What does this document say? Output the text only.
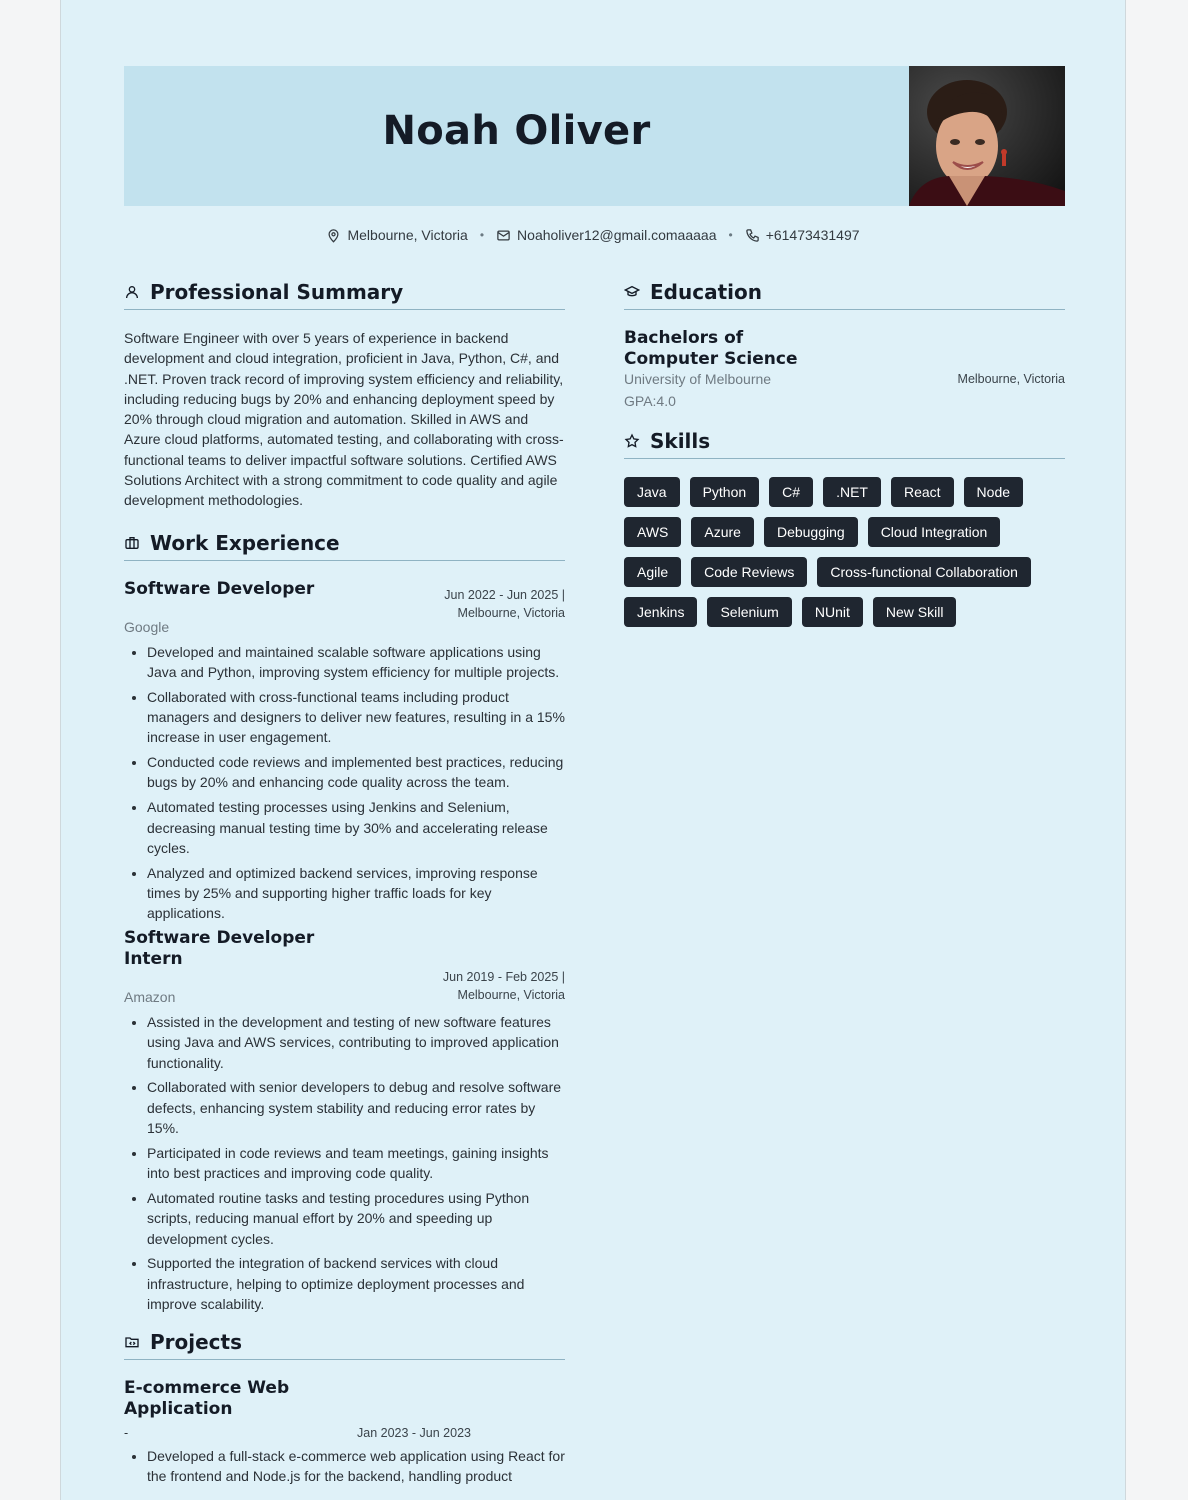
Noah Oliver
Melbourne, Victoria • Noaholiver12@gmail.comaaaaa • +61473431497
Professional Summary

Software Engineer with over 5 years of experience in backend development and cloud integration, proficient in Java, Python, C#, and .NET. Proven track record of improving system efficiency and reliability, including reducing bugs by 20% and enhancing deployment speed by 20% through cloud migration and automation. Skilled in AWS and Azure cloud platforms, automated testing, and collaborating with cross-functional teams to deliver impactful software solutions. Certified AWS Solutions Architect with a strong commitment to code quality and agile development methodologies.

Work Experience
Software Developer
Google
Jun 2022 - Jun 2025 |
Melbourne, Victoria
• Developed and maintained scalable software applications using Java and Python, improving system efficiency for multiple projects.
• Collaborated with cross-functional teams including product managers and designers to deliver new features, resulting in a 15% increase in user engagement.
• Conducted code reviews and implemented best practices, reducing bugs by 20% and enhancing code quality across the team.
• Automated testing processes using Jenkins and Selenium, decreasing manual testing time by 30% and accelerating release cycles.
• Analyzed and optimized backend services, improving response times by 25% and supporting higher traffic loads for key applications.
Software Developer Intern
Amazon
Jun 2019 - Feb 2025 |
Melbourne, Victoria
• Assisted in the development and testing of new software features using Java and AWS services, contributing to improved application functionality.
• Collaborated with senior developers to debug and resolve software defects, enhancing system stability and reducing error rates by 15%.
• Participated in code reviews and team meetings, gaining insights into best practices and improving code quality.
• Automated routine tasks and testing procedures using Python scripts, reducing manual effort by 20% and speeding up development cycles.
• Supported the integration of backend services with cloud infrastructure, helping to optimize deployment processes and improve scalability.
Projects
E-commerce Web Application
-	Jan 2023 - Jun 2023
• Developed a full-stack e-commerce web application using React for the frontend and Node.js for the backend, handling product
Education
Bachelors of Computer Science
University of Melbourne	Melbourne, Victoria
GPA:4.0
Skills
Java	Python	C#	.NET	React	Node
AWS	Azure	Debugging	Cloud Integration
Agile	Code Reviews	Cross-functional Collaboration
Jenkins	Selenium	NUnit	New Skill
